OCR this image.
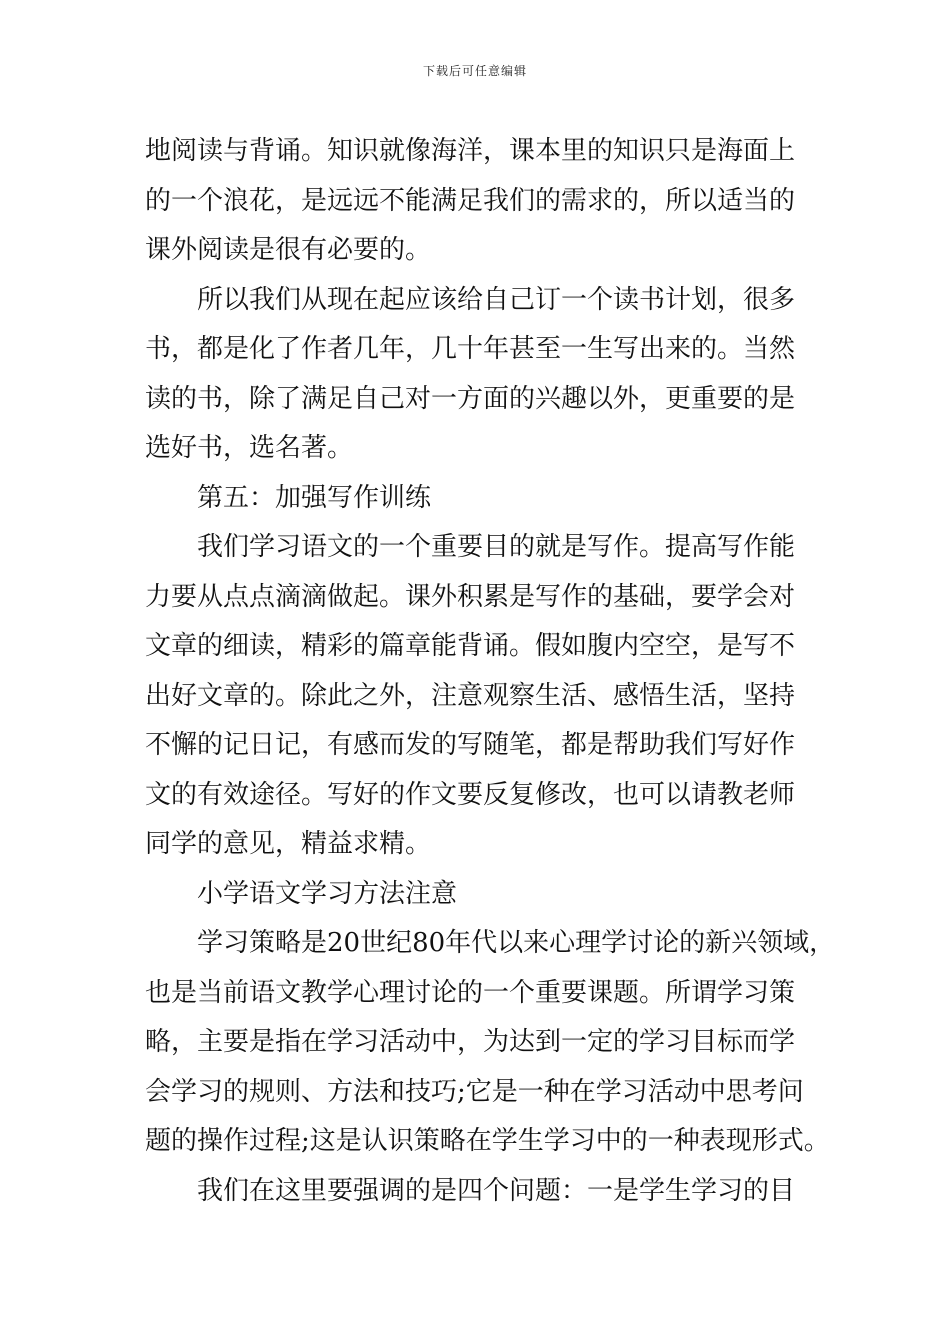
下载后可任意编辑
地阅读与背诵。知识就像海洋，课本里的知识只是海面上
的一个浪花，是远远不能满足我们的需求的，所以适当的
课外阅读是很有必要的。
所以我们从现在起应该给自己订一个读书计划，很多
书，都是化了作者几年，几十年甚至一生写出来的。当然
读的书，除了满足自己对一方面的兴趣以外，更重要的是
选好书，选名著。
第五：加强写作训练
我们学习语文的一个重要目的就是写作。提高写作能
力要从点点滴滴做起。课外积累是写作的基础，要学会对
文章的细读，精彩的篇章能背诵。假如腹内空空，是写不
出好文章的。除此之外，注意观察生活、感悟生活，坚持
不懈的记日记，有感而发的写随笔，都是帮助我们写好作
文的有效途径。写好的作文要反复修改，也可以请教老师
同学的意见，精益求精。
小学语文学习方法注意
学习策略是20世纪80年代以来心理学讨论的新兴领域，
也是当前语文教学心理讨论的一个重要课题。所谓学习策
略，主要是指在学习活动中，为达到一定的学习目标而学
会学习的规则、方法和技巧;它是一种在学习活动中思考问
题的操作过程;这是认识策略在学生学习中的一种表现形式。
我们在这里要强调的是四个问题：一是学生学习的目
